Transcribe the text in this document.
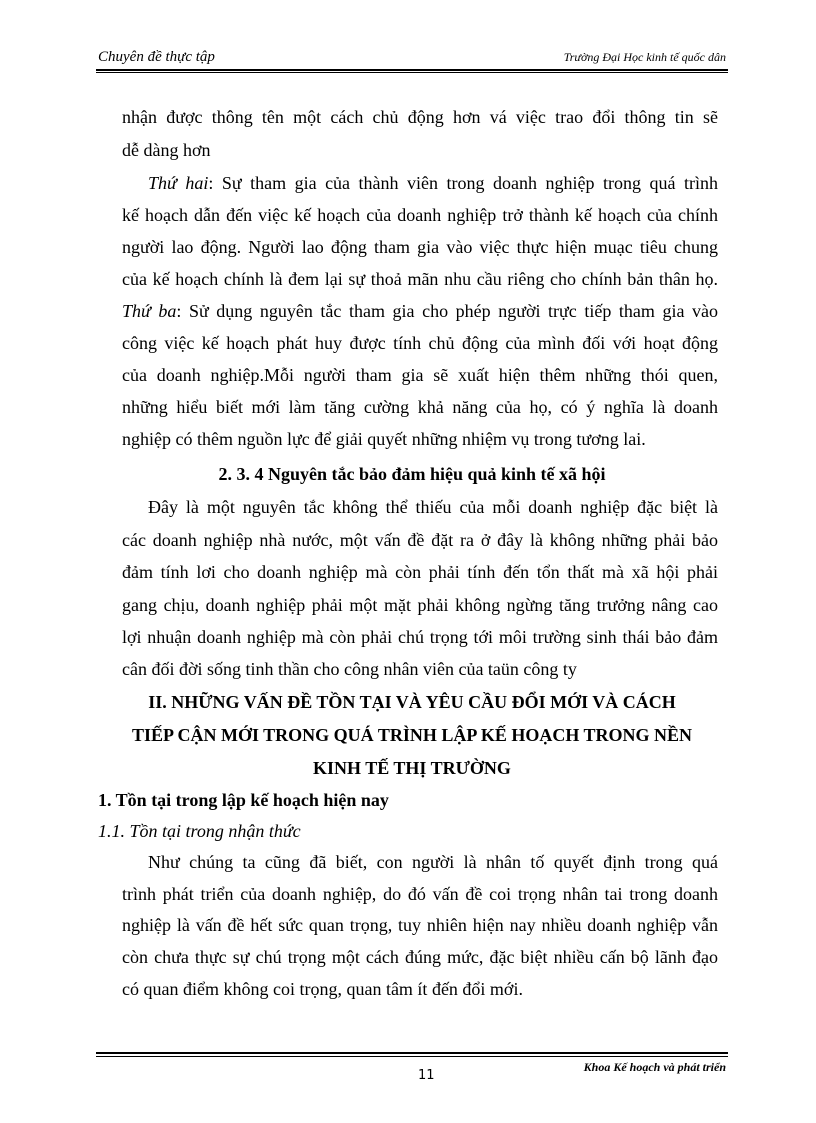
Chuyên đề thực tập	Trường Đại Học kinh tế quốc dân
nhận được thông tên một cách chủ động hơn vá việc trao đổi thông tin sẽ
dễ dàng hơn
Thứ hai: Sự tham gia của thành viên trong doanh nghiệp trong quá trình
kế hoạch dẫn đến việc kế hoạch của doanh nghiệp trở thành kế hoạch của chính
người lao động. Người lao động tham gia vào việc thực hiện muạc tiêu chung
của kế hoạch chính là đem lại sự thoả mãn nhu cầu riêng cho chính bản thân họ.
Thứ ba: Sử dụng nguyên tắc tham gia cho phép người trực tiếp tham gia vào
công việc kế hoạch phát huy được tính chủ động của mình đối với hoạt động
của doanh nghiệp.Mỗi người tham gia sẽ xuất hiện thêm những thói quen,
những hiểu biết mới làm tăng cường khả năng của họ, có ý nghĩa là doanh
nghiệp có thêm nguồn lực để giải quyết những nhiệm vụ trong tương lai.
2. 3. 4 Nguyên tắc bảo đảm hiệu quả kinh tế xã hội
Đây là một nguyên tắc không thể thiếu của mỗi doanh nghiệp đặc biệt là
các doanh nghiệp nhà nước, một vấn đề đặt ra ở đây là không những phải bảo
đảm tính lơi cho doanh nghiệp mà còn phải tính đến tổn thất mà xã hội phải
gang chịu, doanh nghiệp phải một mặt phải không ngừng tăng trưởng nâng cao
lợi nhuận doanh nghiệp mà còn phải chú trọng tới môi trường sinh thái bảo đảm
cân đối đời sống tinh thần cho công nhân viên của taün công ty
II. NHỮNG VẤN ĐỀ TỒN TẠI VÀ YÊU CẦU ĐỔI MỚI VÀ CÁCH
TIẾP CẬN MỚI TRONG QUÁ TRÌNH LẬP KẾ HOẠCH TRONG NỀN
KINH TẾ THỊ TRƯỜNG
1. Tồn tại trong lập kế hoạch hiện nay
1.1. Tồn tại trong nhận thức
Như chúng ta cũng đã biết, con người là nhân tố quyết định trong quá
trình phát triển của doanh nghiệp, do đó vấn đề coi trọng nhân tai trong doanh
nghiệp là vấn đề hết sức quan trọng, tuy nhiên hiện nay nhiều doanh nghiệp vẫn
còn chưa thực sự chú trọng một cách đúng mức, đặc biệt nhiều cấn bộ lãnh đạo
có quan điểm không coi trọng, quan tâm ít đến đổi mới.
Khoa Kế hoạch và phát triển
11
